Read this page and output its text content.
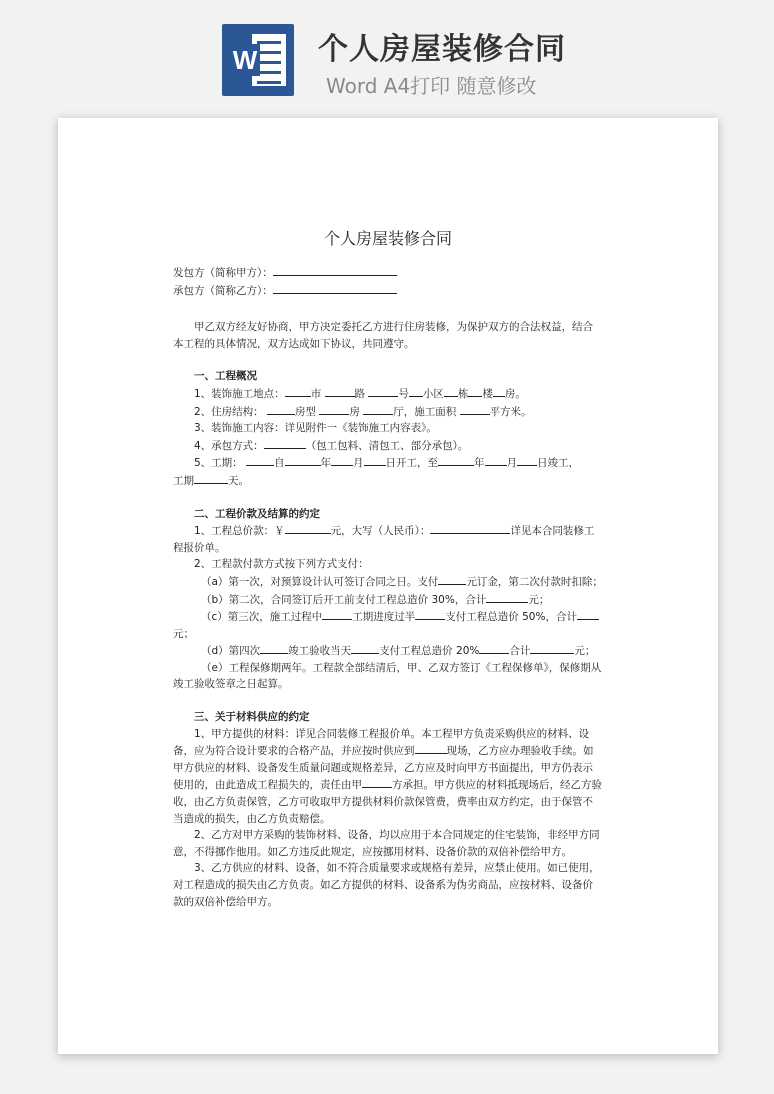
W 个人房屋装修合同
Word A4打印 随意修改

个人房屋装修合同

发包方（简称甲方）：

承包方（简称乙方）：

甲乙双方经友好协商，甲方决定委托乙方进行住房装修，为保护双方的合法权益，结合本工程的具体情况，双方达成如下协议，共同遵守。

一、工程概况

1、装饰施工地点： 市	路	号 小区 栋 楼 房。

2、住房结构：	房型	房	厅，施工面积	平方米。

3、装饰施工内容：详见附件一《装饰施工内容表》。

4、承包方式：	（包工包料、清包工、部分承包）。

5、工期：	自	年 月 日开工，至	年 月 日竣工，

工期	天。

二、工程价款及结算的约定

1、工程总价款：￥	元，大写（人民币）：	详见本合同装修工程报价单。

2、工程款付款方式按下列方式支付：

（a）第一次，对预算设计认可签订合同之日。支付	元订金，第二次付款时扣除；

（b）第二次，合同签订后开工前支付工程总造价 30%，合计	元；

（c）第三次，施工过程中	工期进度过半	支付工程总造价 50%，合计元；

（d）第四次	竣工验收当天	支付工程总造价 20%	合计	元；

（e）工程保修期两年。工程款全部结清后，甲、乙双方签订《工程保修单》，保修期从竣工验收签章之日起算。

三、关于材料供应的约定

1、甲方提供的材料：详见合同装修工程报价单。本工程甲方负责采购供应的材料、设备，应为符合设计要求的合格产品，并应按时供应到	现场，乙方应办理验收手续。如甲方供应的材料、设备发生质量问题或规格差异，乙方应及时向甲方书面提出，甲方仍表示使用的，由此造成工程损失的，责任由甲	方承担。甲方供应的材料抵现场后，经乙方验收，由乙方负责保管，乙方可收取甲方提供材料价款保管费，费率由双方约定，由于保管不当造成的损失，由乙方负责赔偿。

2、乙方对甲方采购的装饰材料、设备，均以应用于本合同规定的住宅装饰，非经甲方同意，不得挪作他用。如乙方违反此规定，应按挪用材料、设备价款的双倍补偿给甲方。

3、乙方供应的材料、设备，如不符合质量要求或规格有差异，应禁止使用。如已使用，对工程造成的损失由乙方负责。如乙方提供的材料、设备系为伪劣商品，应按材料、设备价款的双倍补偿给甲方。
